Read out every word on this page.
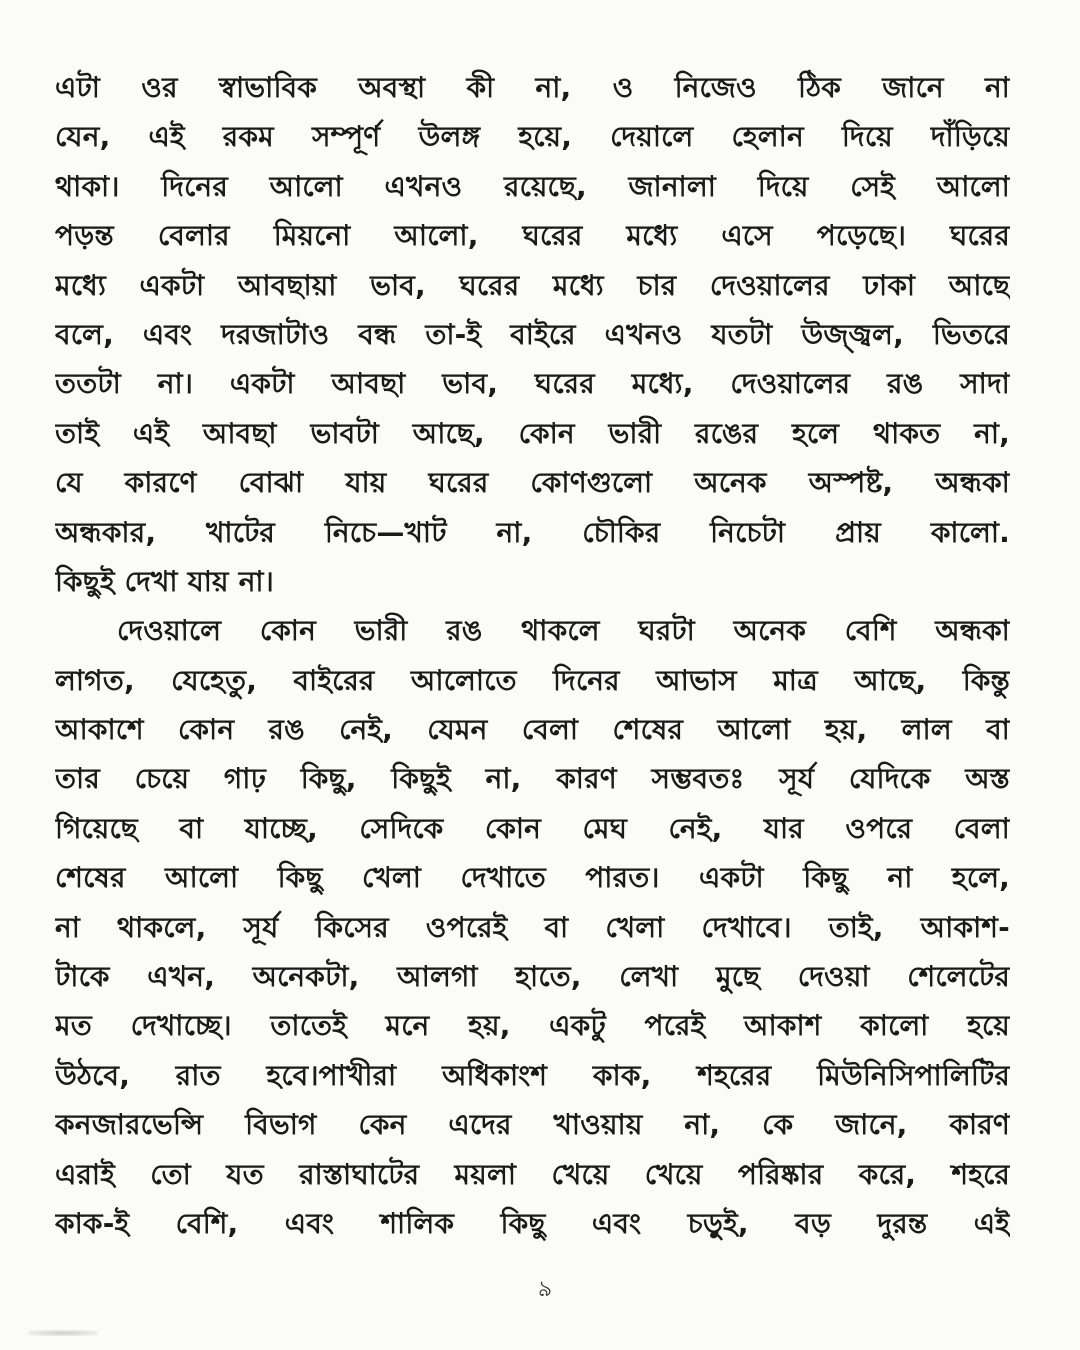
এটা ওর স্বাভাবিক অবস্থা কী না, ও নিজেও ঠিক জানে না
যেন, এই রকম সম্পূর্ণ উলঙ্গ হয়ে, দেয়ালে হেলান দিয়ে দাঁড়িয়ে
থাকা। দিনের আলো এখনও রয়েছে, জানালা দিয়ে সেই আলো
পড়ন্ত বেলার মিয়নো আলো, ঘরের মধ্যে এসে পড়েছে। ঘরের
মধ্যে একটা আবছায়া ভাব, ঘরের মধ্যে চার দেওয়ালের ঢাকা আছে
বলে, এবং দরজাটাও বন্ধ তা-ই বাইরে এখনও যতটা উজ্জ্বল, ভিতরে
ততটা না। একটা আবছা ভাব, ঘরের মধ্যে, দেওয়ালের রঙ সাদা
তাই এই আবছা ভাবটা আছে, কোন ভারী রঙের হলে থাকত না,
যে কারণে বোঝা যায় ঘরের কোণগুলো অনেক অস্পষ্ট, অন্ধকা
অন্ধকার, খাটের নিচে—খাট না, চৌকির নিচেটা প্রায় কালো.
কিছুই দেখা যায় না।
দেওয়ালে কোন ভারী রঙ থাকলে ঘরটা অনেক বেশি অন্ধকা
লাগত, যেহেতু, বাইরের আলোতে দিনের আভাস মাত্র আছে, কিন্তু
আকাশে কোন রঙ নেই, যেমন বেলা শেষের আলো হয়, লাল বা
তার চেয়ে গাঢ় কিছু, কিছুই না, কারণ সম্ভবতঃ সূর্য যেদিকে অস্ত
গিয়েছে বা যাচ্ছে, সেদিকে কোন মেঘ নেই, যার ওপরে বেলা
শেষের আলো কিছু খেলা দেখাতে পারত। একটা কিছু না হলে,
না থাকলে, সূর্য কিসের ওপরেই বা খেলা দেখাবে। তাই, আকাশ-
টাকে এখন, অনেকটা, আলগা হাতে, লেখা মুছে দেওয়া শেলেটের
মত দেখাচ্ছে। তাতেই মনে হয়, একটু পরেই আকাশ কালো হয়ে
উঠবে, রাত হবে।পাখীরা অধিকাংশ কাক, শহরের মিউনিসিপালিটির
কনজারভেন্সি বিভাগ কেন এদের খাওয়ায় না, কে জানে, কারণ
এরাই তো যত রাস্তাঘাটের ময়লা খেয়ে খেয়ে পরিষ্কার করে, শহরে
কাক-ই বেশি, এবং শালিক কিছু এবং চড়ুই, বড় দুরন্ত এই
৯
